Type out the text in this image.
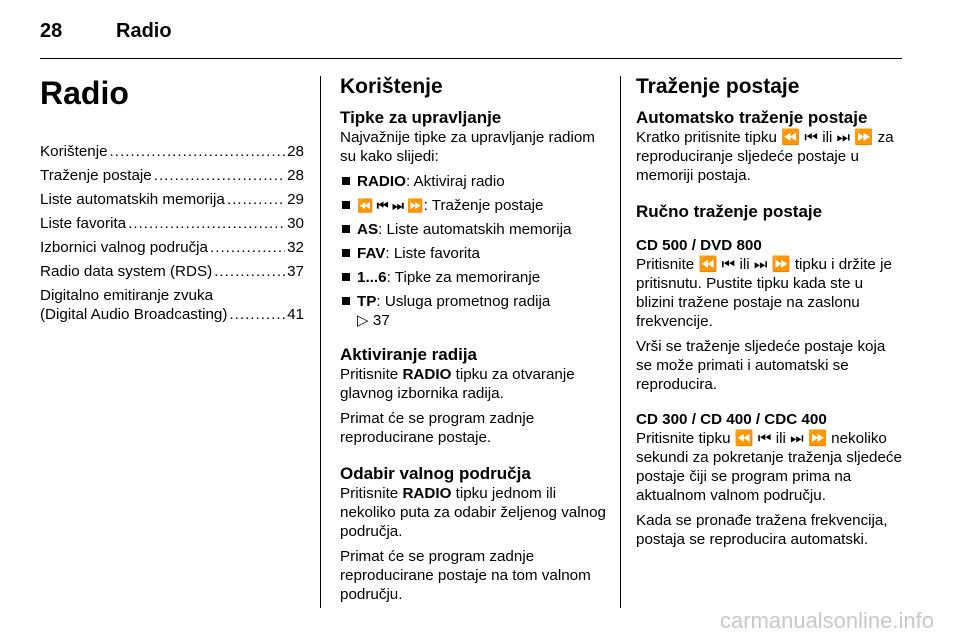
28	Radio
Radio
Korištenje .....	28
Traženje postaje .....	28
Liste automatskih memorija .....	29
Liste favorita .....	30
Izbornici valnog područja .....	32
Radio data system (RDS) .....	37
Digitalno emitiranje zvuka
(Digital Audio Broadcasting) .....	41
Korištenje
Tipke za upravljanje

Najvažnije tipke za upravljanje radiom su kako slijedi:

RADIO: Aktiviraj radio
⏪ ⏮ ⏭ ⏩: Traženje postaje
AS: Liste automatskih memorija
FAV: Liste favorita
1...6: Tipke za memoriranje
TP: Usluga prometnog radija
▷ 37
Aktiviranje radija

Pritisnite RADIO tipku za otvaranje glavnog izbornika radija.

Primat će se program zadnje reproducirane postaje.

Odabir valnog područja

Pritisnite RADIO tipku jednom ili nekoliko puta za odabir željenog valnog područja.

Primat će se program zadnje reproducirane postaje na tom valnom području.

Traženje postaje
Automatsko traženje postaje

Kratko pritisnite tipku ⏪ ⏮ ili ⏭ ⏩ za reproduciranje sljedeće postaje u memoriji postaja.

Ručno traženje postaje
CD 500 / DVD 800

Pritisnite ⏪ ⏮ ili ⏭ ⏩ tipku i držite je pritisnutu. Pustite tipku kada ste u blizini tražene postaje na zaslonu frekvencije.

Vrši se traženje sljedeće postaje koja se može primati i automatski se reproducira.

CD 300 / CD 400 / CDC 400

Pritisnite tipku ⏪ ⏮ ili ⏭ ⏩ nekoliko sekundi za pokretanje traženja sljedeće postaje čiji se program prima na aktualnom valnom području.

Kada se pronađe tražena frekvencija, postaja se reproducira automatski.

carmanualsonline.info
